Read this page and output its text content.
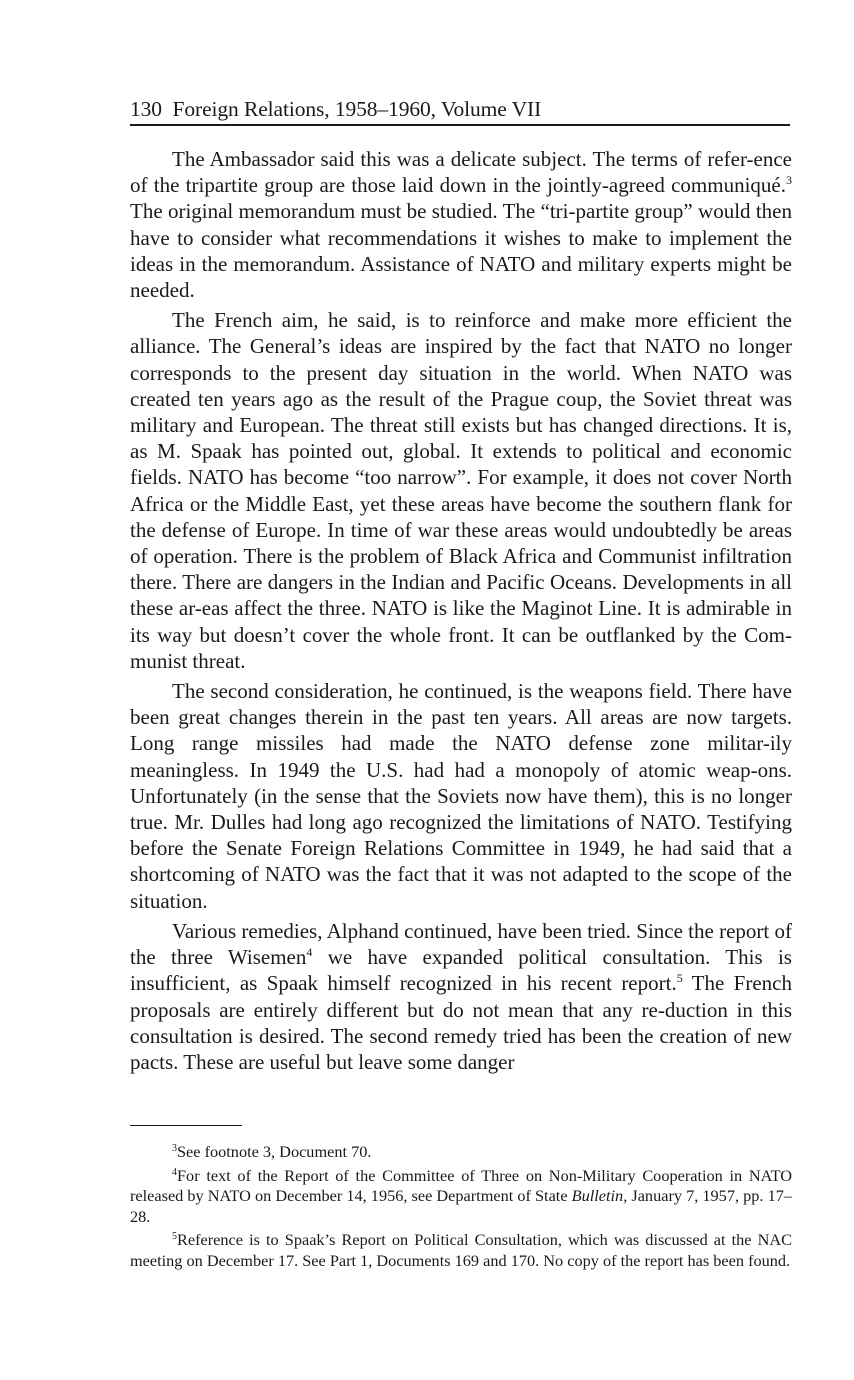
130 Foreign Relations, 1958–1960, Volume VII

The Ambassador said this was a delicate subject. The terms of refer-ence of the tripartite group are those laid down in the jointly-agreed communiqué.$^3$ The original memorandum must be studied. The “tri-partite group” would then have to consider what recommendations it wishes to make to implement the ideas in the memorandum. Assistance of NATO and military experts might be needed.

The French aim, he said, is to reinforce and make more efficient the alliance. The General’s ideas are inspired by the fact that NATO no longer corresponds to the present day situation in the world. When NATO was created ten years ago as the result of the Prague coup, the Soviet threat was military and European. The threat still exists but has changed directions. It is, as M. Spaak has pointed out, global. It extends to political and economic fields. NATO has become “too narrow”. For example, it does not cover North Africa or the Middle East, yet these areas have become the southern flank for the defense of Europe. In time of war these areas would undoubtedly be areas of operation. There is the problem of Black Africa and Communist infiltration there. There are dangers in the Indian and Pacific Oceans. Developments in all these ar-eas affect the three. NATO is like the Maginot Line. It is admirable in its way but doesn’t cover the whole front. It can be outflanked by the Com-munist threat.

The second consideration, he continued, is the weapons field. There have been great changes therein in the past ten years. All areas are now targets. Long range missiles had made the NATO defense zone militar-ily meaningless. In 1949 the U.S. had had a monopoly of atomic weap-ons. Unfortunately (in the sense that the Soviets now have them), this is no longer true. Mr. Dulles had long ago recognized the limitations of NATO. Testifying before the Senate Foreign Relations Committee in 1949, he had said that a shortcoming of NATO was the fact that it was not adapted to the scope of the situation.

Various remedies, Alphand continued, have been tried. Since the report of the three Wisemen$^4$ we have expanded political consultation. This is insufficient, as Spaak himself recognized in his recent report.$^5$ The French proposals are entirely different but do not mean that any re-duction in this consultation is desired. The second remedy tried has been the creation of new pacts. These are useful but leave some danger

$^3$See footnote 3, Document 70.

$^4$For text of the Report of the Committee of Three on Non-Military Cooperation in NATO released by NATO on December 14, 1956, see Department of State Bulletin, January 7, 1957, pp. 17–28.

$^5$Reference is to Spaak’s Report on Political Consultation, which was discussed at the NAC meeting on December 17. See Part 1, Documents 169 and 170. No copy of the report has been found.
